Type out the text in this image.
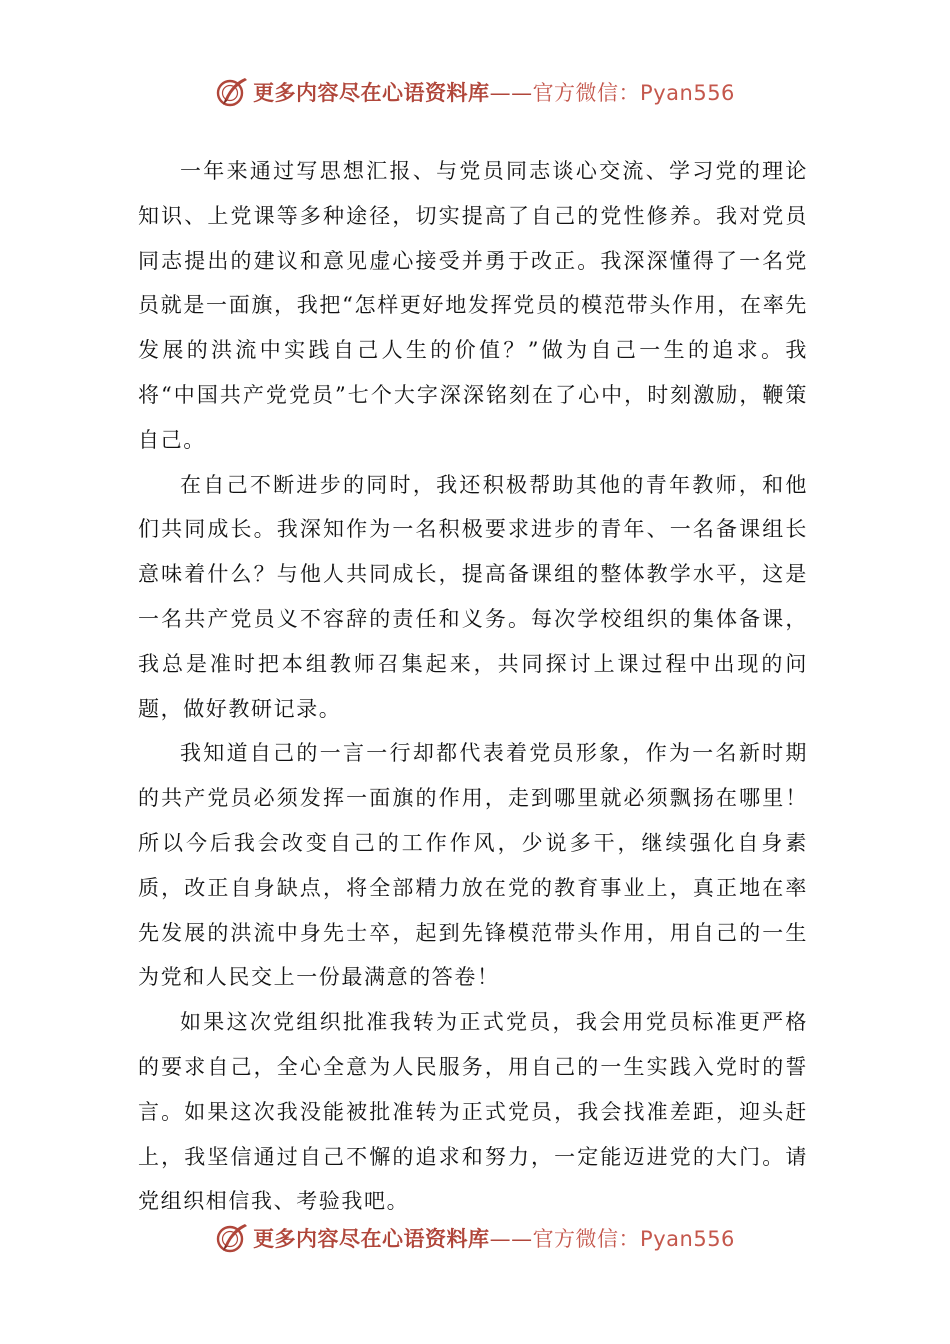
更多内容尽在心语资料库——官方微信：Pyan556

一年来通过写思想汇报、与党员同志谈心交流、学习党的理论知识、上党课等多种途径，切实提高了自己的党性修养。我对党员同志提出的建议和意见虚心接受并勇于改正。我深深懂得了一名党员就是一面旗，我把“怎样更好地发挥党员的模范带头作用，在率先发展的洪流中实践自己人生的价值？”做为自己一生的追求。我将“中国共产党党员”七个大字深深铭刻在了心中，时刻激励，鞭策自己。

在自己不断进步的同时，我还积极帮助其他的青年教师，和他们共同成长。我深知作为一名积极要求进步的青年、一名备课组长意味着什么？与他人共同成长，提高备课组的整体教学水平，这是一名共产党员义不容辞的责任和义务。每次学校组织的集体备课，我总是准时把本组教师召集起来，共同探讨上课过程中出现的问题，做好教研记录。

我知道自己的一言一行却都代表着党员形象，作为一名新时期的共产党员必须发挥一面旗的作用，走到哪里就必须飘扬在哪里！所以今后我会改变自己的工作作风，少说多干，继续强化自身素质，改正自身缺点，将全部精力放在党的教育事业上，真正地在率先发展的洪流中身先士卒，起到先锋模范带头作用，用自己的一生为党和人民交上一份最满意的答卷！

如果这次党组织批准我转为正式党员，我会用党员标准更严格的要求自己，全心全意为人民服务，用自己的一生实践入党时的誓言。如果这次我没能被批准转为正式党员，我会找准差距，迎头赶上，我坚信通过自己不懈的追求和努力，一定能迈进党的大门。请党组织相信我、考验我吧。

更多内容尽在心语资料库——官方微信：Pyan556
